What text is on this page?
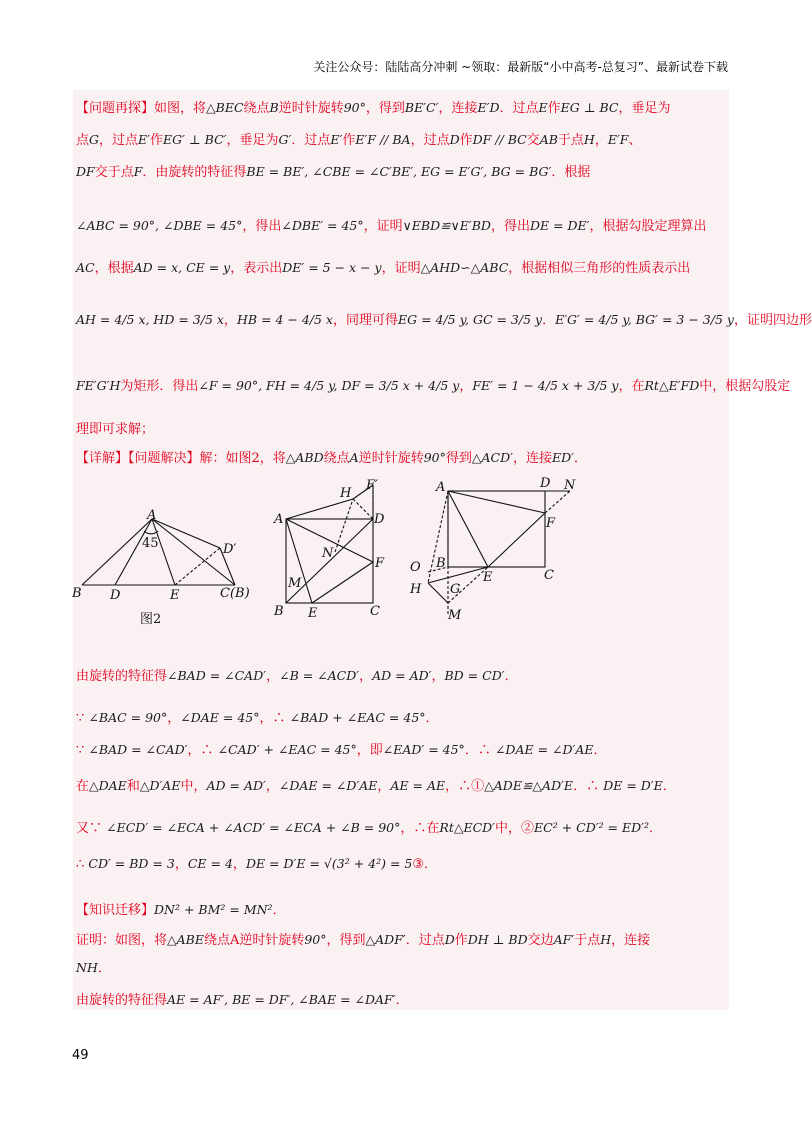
关注公众号：陆陆高分冲刺 ~领取：最新版“小中高考-总复习”、最新试卷下载
【问题再探】如图，将△BEC绕点B逆时针旋转90°，得到BE′C′，连接E′D．过点E作EG ⊥ BC，垂足为
点G，过点E′作EG′ ⊥ BC′，垂足为G′．过点E′作E′F // BA，过点D作DF // BC交AB于点H，E′F、
DF交于点F．由旋转的特征得BE = BE′, ∠CBE = ∠C′BE′, EG = E′G′, BG = BG′．根据
∠ABC = 90°, ∠DBE = 45°，得出∠DBE′ = 45°，证明∨EBD≌∨E′BD，得出DE = DE′，根据勾股定理算出
AC，根据AD = x, CE = y，表示出DE′ = 5 − x − y，证明△AHD∽△ABC，根据相似三角形的性质表示出
AH = 4/5 x, HD = 3/5 x，HB = 4 − 4/5 x，同理可得EG = 4/5 y, GC = 3/5 y．E′G′ = 4/5 y, BG′ = 3 − 3/5 y，证明四边形
FE′G′H为矩形．得出∠F = 90°, FH = 4/5 y, DF = 3/5 x + 4/5 y，FE′ = 1 − 4/5 x + 3/5 y，在Rt△E′FD中，根据勾股定
理即可求解；
【详解】【问题解决】解：如图2，将△ABD绕点A逆时针旋转90°得到△ACD′，连接ED′．
由旋转的特征得∠BAD = ∠CAD′，∠B = ∠ACD′，AD = AD′，BD = CD′．
∵ ∠BAC = 90°，∠DAE = 45°，∴ ∠BAD + ∠EAC = 45°．
∵ ∠BAD = ∠CAD′，∴ ∠CAD′ + ∠EAC = 45°，即∠EAD′ = 45°．∴ ∠DAE = ∠D′AE．
在△DAE和△D′AE中，AD = AD′，∠DAE = ∠D′AE，AE = AE，∴①△ADE≌△AD′E．∴ DE = D′E．
又∵ ∠ECD′ = ∠ECA + ∠ACD′ = ∠ECA + ∠B = 90°，∴在Rt△ECD′中，②EC² + CD′² = ED′²．
∴ CD′ = BD = 3，CE = 4，DE = D′E = √(3² + 4²) = 5③．
【知识迁移】DN² + BM² = MN²．
证明：如图，将△ABE绕点A逆时针旋转90°，得到△ADF′．过点D作DH ⊥ BD交边AF′于点H，连接
NH．
由旋转的特征得AE = AF′, BE = DF′, ∠BAE = ∠DAF′．
A
45	D′
B D	E	C(B)
图2
H
F′
A	D
N
F
M
B E	C
A	D N
F
B
O
E	C
H G
M
49
